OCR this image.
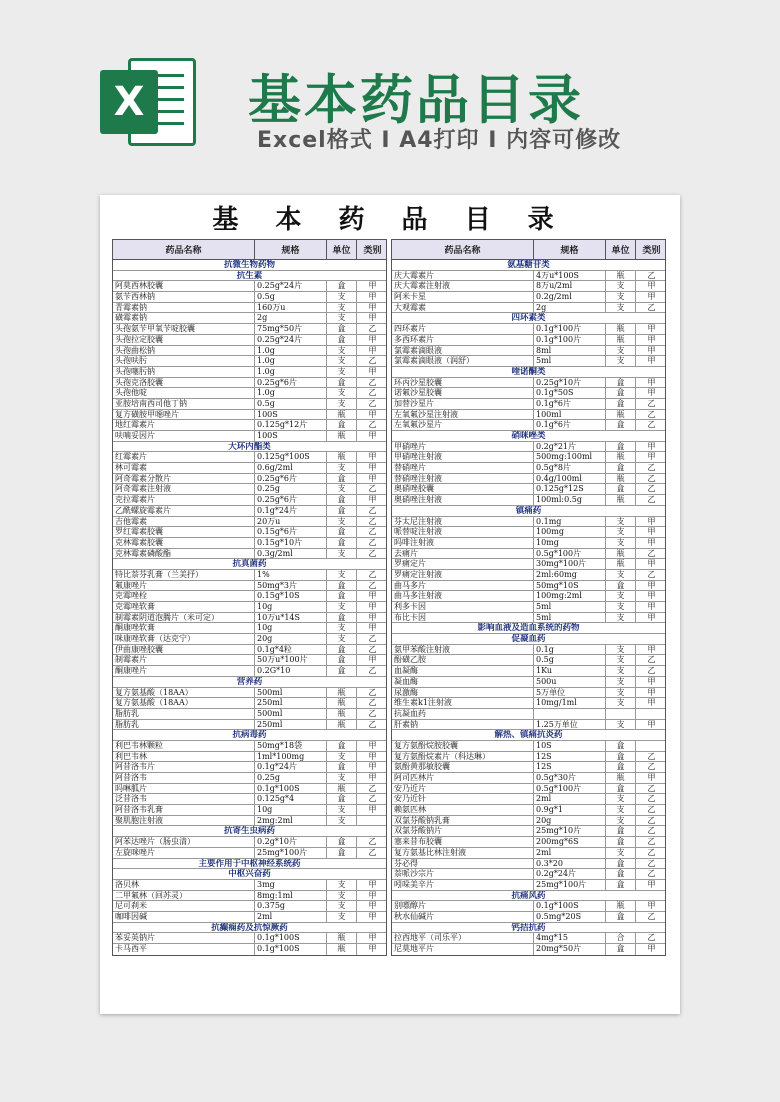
X 基本药品目录
Excel格式 I A4打印 I 内容可修改
基 本 药 品 目 录
药品名称	规格	单位	类别
抗微生物药物
抗生素
阿莫西林胶囊	0.25g*24片	盒	甲
氨苄西林钠	0.5g	支	甲
青霉素钠	160万u	支	甲
磺霉素钠	2g	支	甲
头孢氨苄甲氧苄啶胶囊	75mg*50片	盒	乙
头孢拉定胶囊	0.25g*24片	盒	甲
头孢曲松钠	1.0g	支	甲
头孢呋肟	1.0g	支	乙
头孢噻肟钠	1.0g	支	甲
头孢克洛胶囊	0.25g*6片	盒	乙
头孢他啶	1.0g	支	乙
亚胺培南西司他丁钠	0.5g	支	乙
复方磺胺甲噁唑片	100S	瓶	甲
地红霉素片	0.125g*12片	盒	乙
呋喃妥因片	100S	瓶	甲
大环内酯类
红霉素片	0.125g*100S	瓶	甲
林可霉素	0.6g/2ml	支	甲
阿奇霉素分散片	0.25g*6片	盒	甲
阿奇霉素注射液	0.25g	支	乙
克拉霉素片	0.25g*6片	盒	甲
乙酰螺旋霉素片	0.1g*24片	盒	乙
吉他霉素	20万u	支	乙
罗红霉素胶囊	0.15g*6片	盒	乙
克林霉素胶囊	0.15g*10片	盒	乙
克林霉素磷酸酯	0.3g/2ml	支	乙
抗真菌药
特比萘芬乳膏（兰美抒）	1%	支	乙
氟康唑片	50mg*3片	盒	乙
克霉唑栓	0.15g*10S	盒	甲
克霉唑软膏	10g	支	甲
制霉素阴道泡腾片（米可定）	10万u*14S	盒	甲
酮康唑软膏	10g	支	甲
咪康唑软膏（达克宁）	20g	支	乙
伊曲康唑胶囊	0.1g*4粒	盒	乙
制霉素片	50万u*100片	盒	甲
酮康唑片	0.2G*10	盒	乙
营养药
复方氨基酸（18AA）	500ml	瓶	乙
复方氨基酸（18AA）	250ml	瓶	乙
脂肪乳	500ml	瓶	乙
脂肪乳	250ml	瓶	乙
抗病毒药
利巴韦林颗粒	50mg*18袋	盒	甲
利巴韦林	1ml*100mg	支	甲
阿昔洛韦片	0.1g*24片	盒	甲
阿昔洛韦	0.25g	支	甲
吗啉胍片	0.1g*100S	瓶	乙
泛昔洛韦	0.125g*4	盒	乙
阿昔洛韦乳膏	10g	支	甲
聚肌胞注射液	2mg:2ml	支
抗寄生虫病药
阿苯达唑片（肠虫清）	0.2g*10片	盒	乙
左旋咪唑片	25mg*100片	盒	乙
主要作用于中枢神经系统药
中枢兴奋药
洛贝林	3mg	支	甲
二甲氟林（回苏灵）	8mg:1ml	支	甲
尼可刹米	0.375g	支	甲
咖啡因碱	2ml	支	甲
抗癫痫药及抗惊厥药
苯妥英钠片	0.1g*100S	瓶	甲
卡马西平	0.1g*100S	瓶	甲
药品名称	规格	单位	类别
氨基糖苷类
庆大霉素片	4万u*100S	瓶	乙
庆大霉素注射液	8万u/2ml	支	甲
阿米卡星	0.2g/2ml	支	甲
大观霉素	2g	支	乙
四环素类
四环素片	0.1g*100片	瓶	甲
多西环素片	0.1g*100片	瓶	甲
氯霉素滴眼液	8ml	支	甲
氯霉素滴眼液（润舒）	5ml	支	甲
喹诺酮类
环丙沙星胶囊	0.25g*10片	盒	甲
诺氟沙星胶囊	0.1g*50S	盒	甲
加替沙星片	0.1g*6片	盒	乙
左氧氟沙星注射液	100ml	瓶	乙
左氧氟沙星片	0.1g*6片	盒	乙
硝咪唑类
甲硝唑片	0.2g*21片	盒	甲
甲硝唑注射液	500mg:100ml	瓶	甲
替硝唑片	0.5g*8片	盒	乙
替硝唑注射液	0.4g/100ml	瓶	乙
奥硝唑胶囊	0.125g*12S	盒	乙
奥硝唑注射液	100ml:0.5g	瓶	乙
镇痛药
芬太尼注射液	0.1mg	支	甲
哌替啶注射液	100mg	支	甲
吗啡注射液	10mg	支	甲
去痛片	0.5g*100片	瓶	乙
罗痛定片	30mg*100片	瓶	甲
罗痛定注射液	2ml:60mg	支	乙
曲马多片	50mg*10S	盒	甲
曲马多注射液	100mg:2ml	支	甲
利多卡因	5ml	支	甲
布比卡因	5ml	支	甲
影响血液及造血系统的药物
促凝血药
氨甲苯酸注射液	0.1g	支	甲
酚磺乙胺	0.5g	支	乙
血凝酶	1Ku	支	乙
凝血酶	500u	支	甲
尿激酶	5万单位	支	甲
维生素k1注射液	10mg/1ml	支	甲
抗凝血药
肝素钠	1.25万单位	支	甲
解热、镇痛抗炎药
复方氨酚烷胺胶囊	10S	盒
复方氨酚烷素片（科达琳）	12S	盒	乙
氨酚黄那敏胶囊	12S	盒	乙
阿司匹林片	0.5g*30片	瓶	甲
安乃近片	0.5g*100片	盒	乙
安乃近针	2ml	支	乙
赖氨匹林	0.9g*1	支	乙
双氯芬酸钠乳膏	20g	支	乙
双氯芬酸钠片	25mg*10片	盒	乙
塞来昔布胶囊	200mg*6S	盒	乙
复方氨基比林注射液	2ml	支	乙
芬必得	0.3*20	盒	乙
萘哌沙宗片	0.2g*24片	盒	乙
吲哚美辛片	25mg*100片	盒	甲
抗痛风药
别嘌醇片	0.1g*100S	瓶	甲
秋水仙碱片	0.5mg*20S	盒	乙
钙拮抗药
拉西地平（司乐平）	4mg*15	合	乙
尼莫地平片	20mg*50片	盒	甲
